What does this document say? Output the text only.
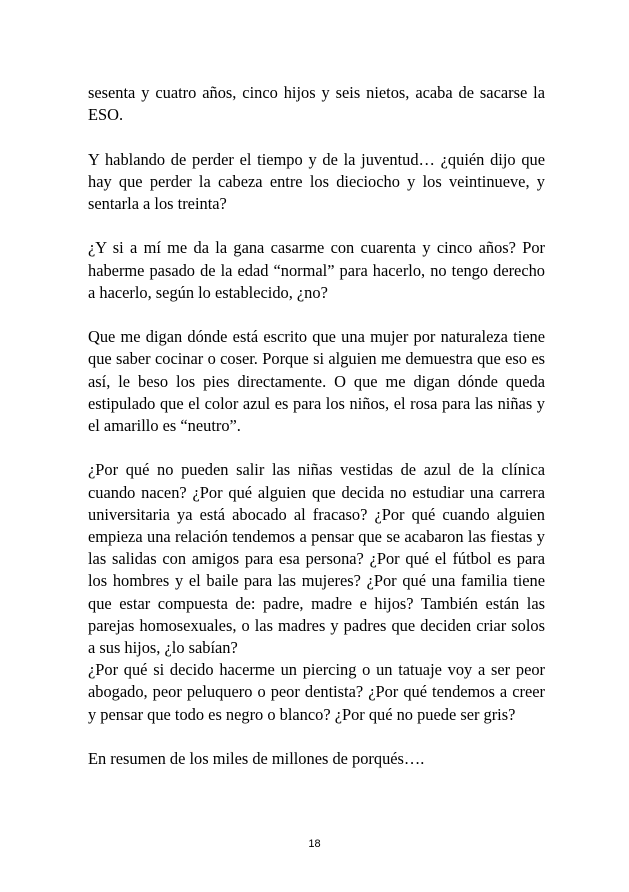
sesenta y cuatro años, cinco hijos y seis nietos, acaba de sacarse la ESO.

Y hablando de perder el tiempo y de la juventud… ¿quién dijo que hay que perder la cabeza entre los dieciocho y los veintinueve, y sentarla a los treinta?

¿Y si a mí me da la gana casarme con cuarenta y cinco años? Por haberme pasado de la edad “normal” para hacerlo, no tengo derecho a hacerlo, según lo establecido, ¿no?

Que me digan dónde está escrito que una mujer por naturaleza tiene que saber cocinar o coser. Porque si alguien me demuestra que eso es así, le beso los pies directamente. O que me digan dónde queda estipulado que el color azul es para los niños, el rosa para las niñas y el amarillo es “neutro”.

¿Por qué no pueden salir las niñas vestidas de azul de la clínica cuando nacen? ¿Por qué alguien que decida no estudiar una carrera universitaria ya está abocado al fracaso? ¿Por qué cuando alguien empieza una relación tendemos a pensar que se acabaron las fiestas y las salidas con amigos para esa persona? ¿Por qué el fútbol es para los hombres y el baile para las mujeres? ¿Por qué una familia tiene que estar compuesta de: padre, madre e hijos? También están las parejas homosexuales, o las madres y padres que deciden criar solos a sus hijos, ¿lo sabían?

¿Por qué si decido hacerme un piercing o un tatuaje voy a ser peor abogado, peor peluquero o peor dentista? ¿Por qué tendemos a creer y pensar que todo es negro o blanco? ¿Por qué no puede ser gris?

En resumen de los miles de millones de porqués….

18
